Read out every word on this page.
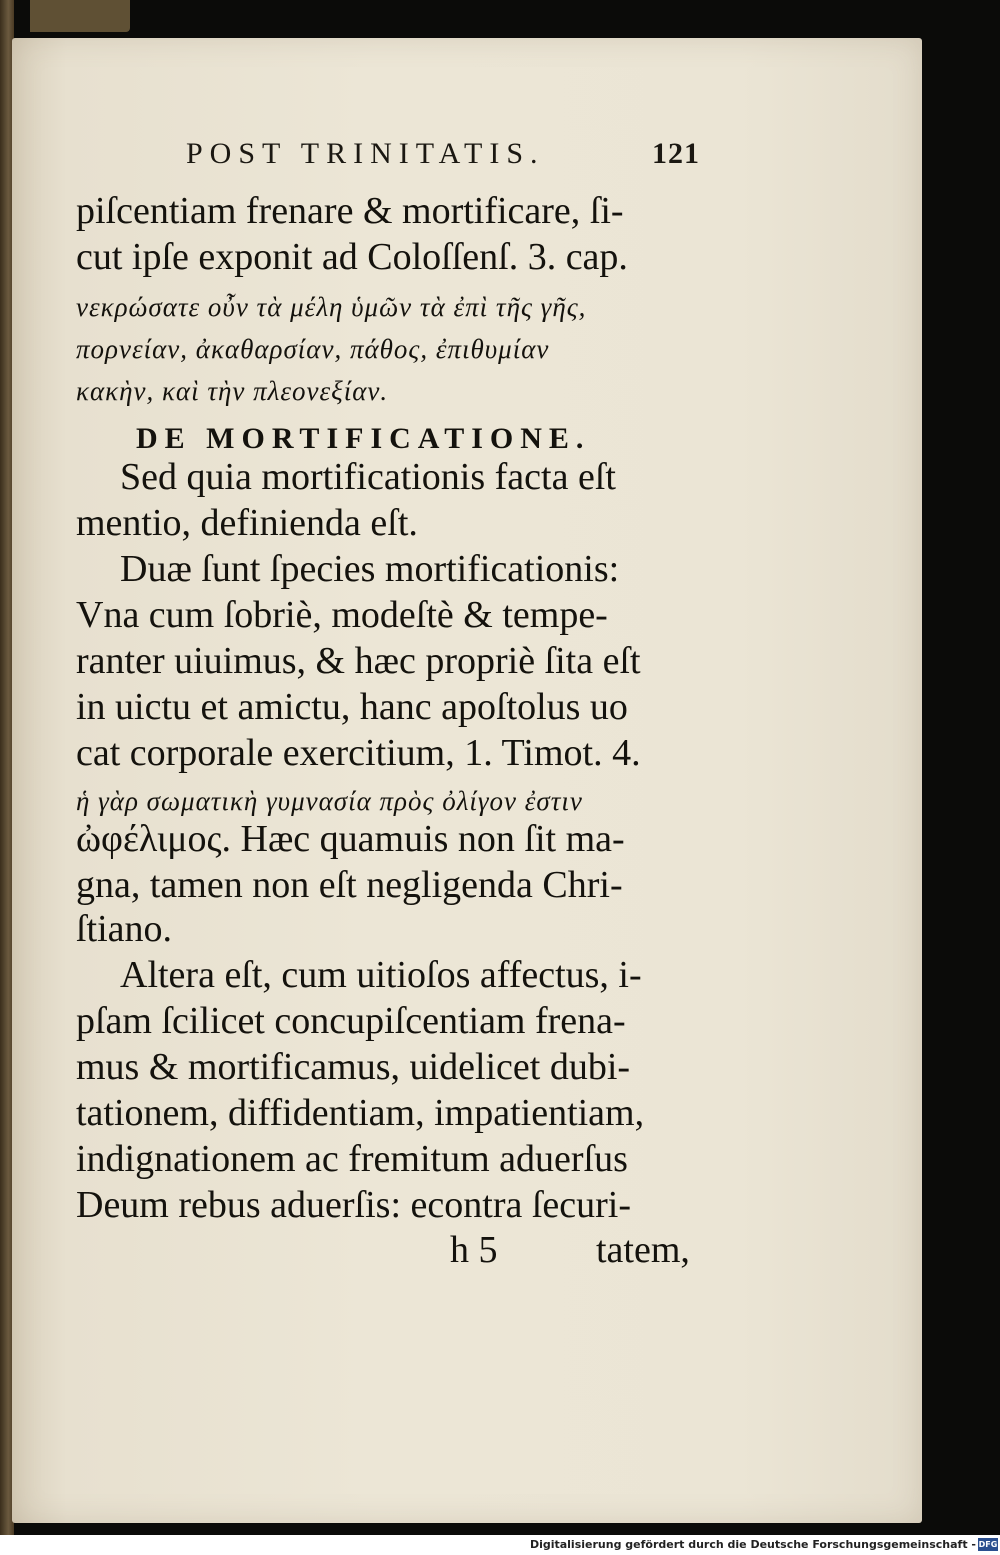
POST TRINITATIS.	121
piſcentiam frenare & mortificare, ſi-
cut ipſe exponit ad Coloſſenſ. 3. cap.
νεκρώσατε οὖν τὰ μέλη ὑμῶν τὰ ἐπὶ τῆς γῆς,
πορνείαν, ἀκαθαρσίαν, πάθος, ἐπιθυμίαν
κακὴν, καὶ τὴν πλεονεξίαν.
DE MORTIFICATIONE.
Sed quia mortificationis facta eſt
mentio, definienda eſt.
Duæ ſunt ſpecies mortificationis:
Vna cum ſobriè, modeſtè & tempe-
ranter uiuimus, & hæc propriè ſita eſt
in uictu et amictu, hanc apoſtolus uo
cat corporale exercitium, 1. Timot. 4.
ἡ γὰρ σωματικὴ γυμνασία πρὸς ὀλίγον ἐστιν
ὠφέλιμος. Hæc quamuis non ſit ma-
gna, tamen non eſt negligenda Chri-
ſtiano.
Altera eſt, cum uitioſos affectus, i-
pſam ſcilicet concupiſcentiam frena-
mus & mortificamus, uidelicet dubi-
tationem, diffidentiam, impatientiam,
indignationem ac fremitum aduerſus
Deum rebus aduerſis: econtra ſecuri-
h 5	tatem,
Digitalisierung gefördert durch die Deutsche Forschungsgemeinschaft - DFG
